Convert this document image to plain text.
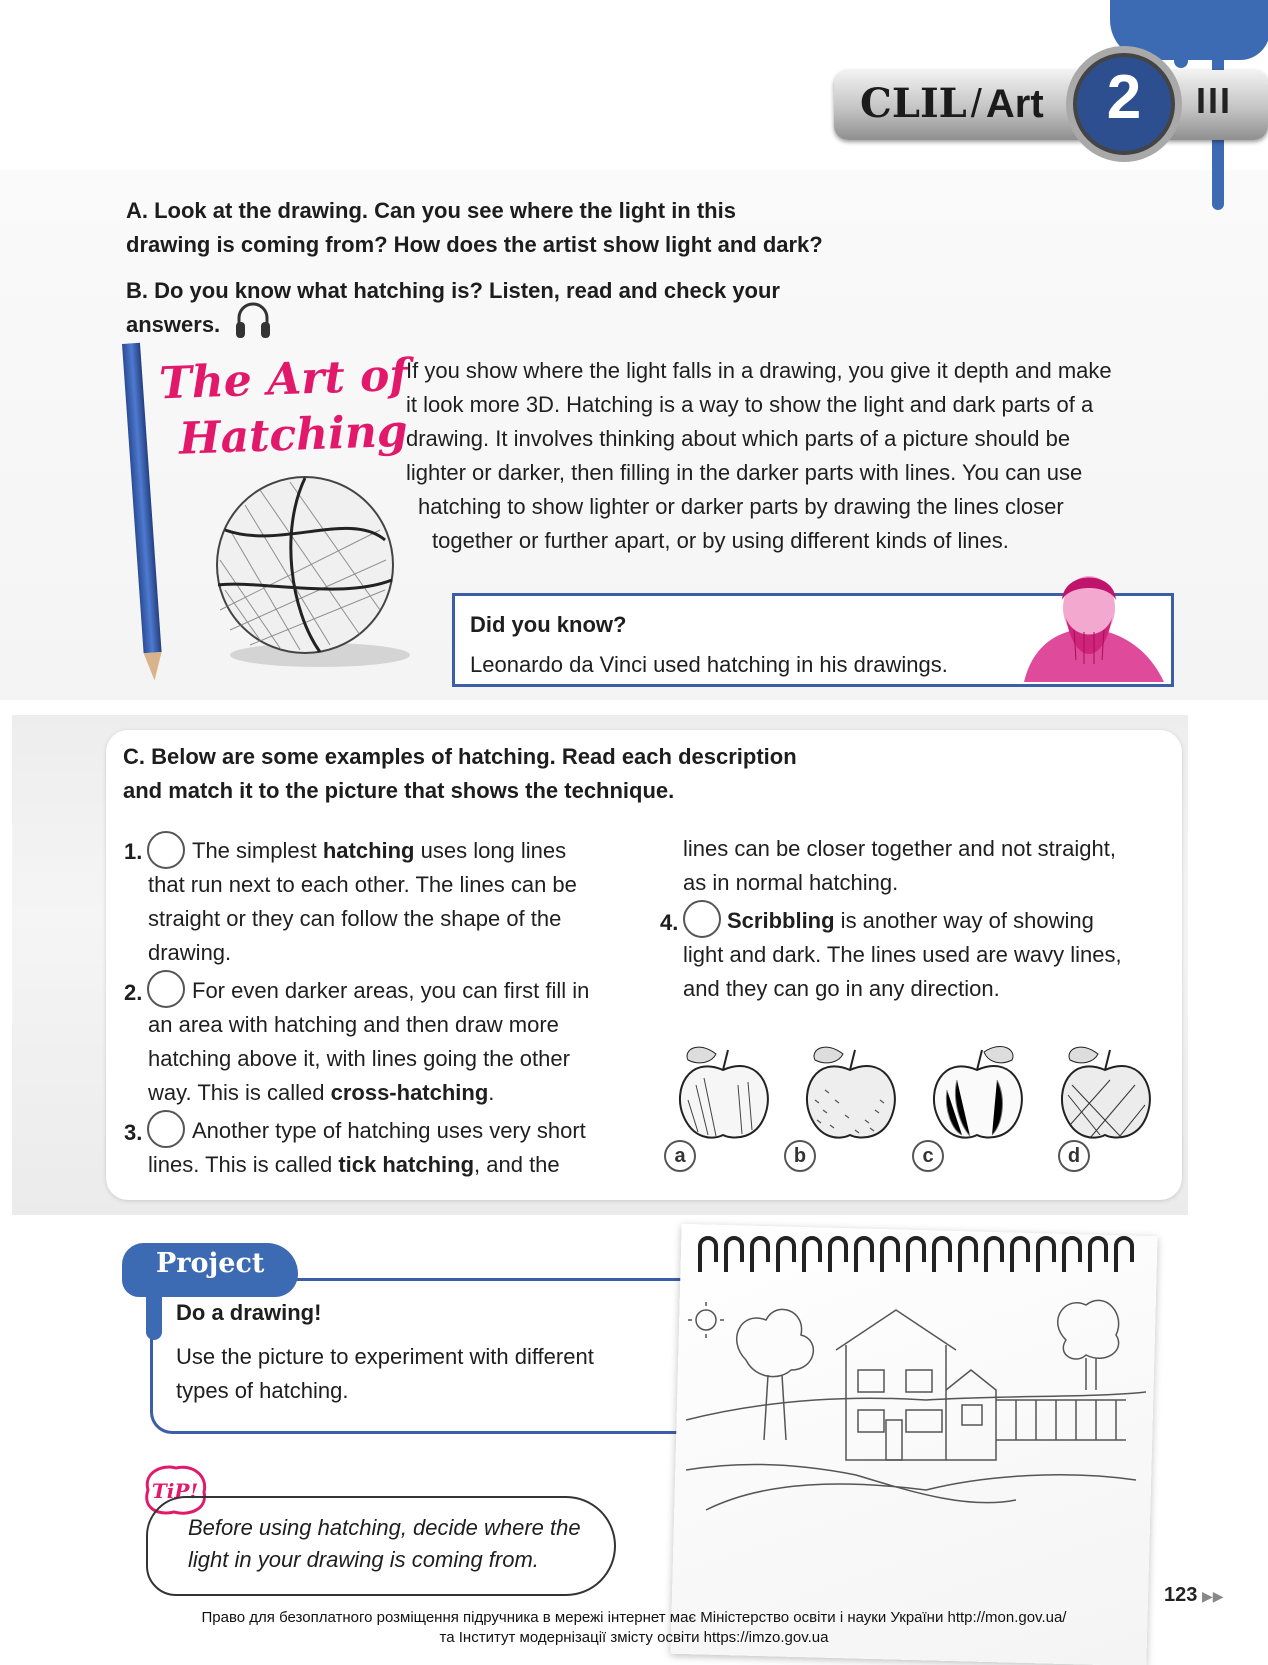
CLIL / Art	2	III
A. Look at the drawing. Can you see where the light in this
drawing is coming from? How does the artist show light and dark?
B. Do you know what hatching is? Listen, read and check your
answers.
The Art of
Hatching
If you show where the light falls in a drawing, you give it depth and make
it look more 3D. Hatching is a way to show the light and dark parts of a
drawing. It involves thinking about which parts of a picture should be
lighter or darker, then filling in the darker parts with lines. You can use
hatching to show lighter or darker parts by drawing the lines closer
together or further apart, or by using different kinds of lines.
Did you know?
Leonardo da Vinci used hatching in his drawings.
C. Below are some examples of hatching. Read each description
and match it to the picture that shows the technique.
1. The simplest hatching uses long lines
that run next to each other. The lines can be
straight or they can follow the shape of the
drawing.
2. For even darker areas, you can first fill in
an area with hatching and then draw more
hatching above it, with lines going the other
way. This is called cross-hatching.
3. Another type of hatching uses very short
lines. This is called tick hatching, and the
lines can be closer together and not straight,
as in normal hatching.
4. Scribbling is another way of showing
light and dark. The lines used are wavy lines,
and they can go in any direction.
a	b	c	d
Project
Do a drawing!
Use the picture to experiment with different
types of hatching.
TiP!
Before using hatching, decide where the
light in your drawing is coming from.
123 ▶▶
Право для безоплатного розміщення підручника в мережі інтернет має Міністерство освіти і науки України http://mon.gov.ua/
та Інститут модернізації змісту освіти https://imzo.gov.ua
